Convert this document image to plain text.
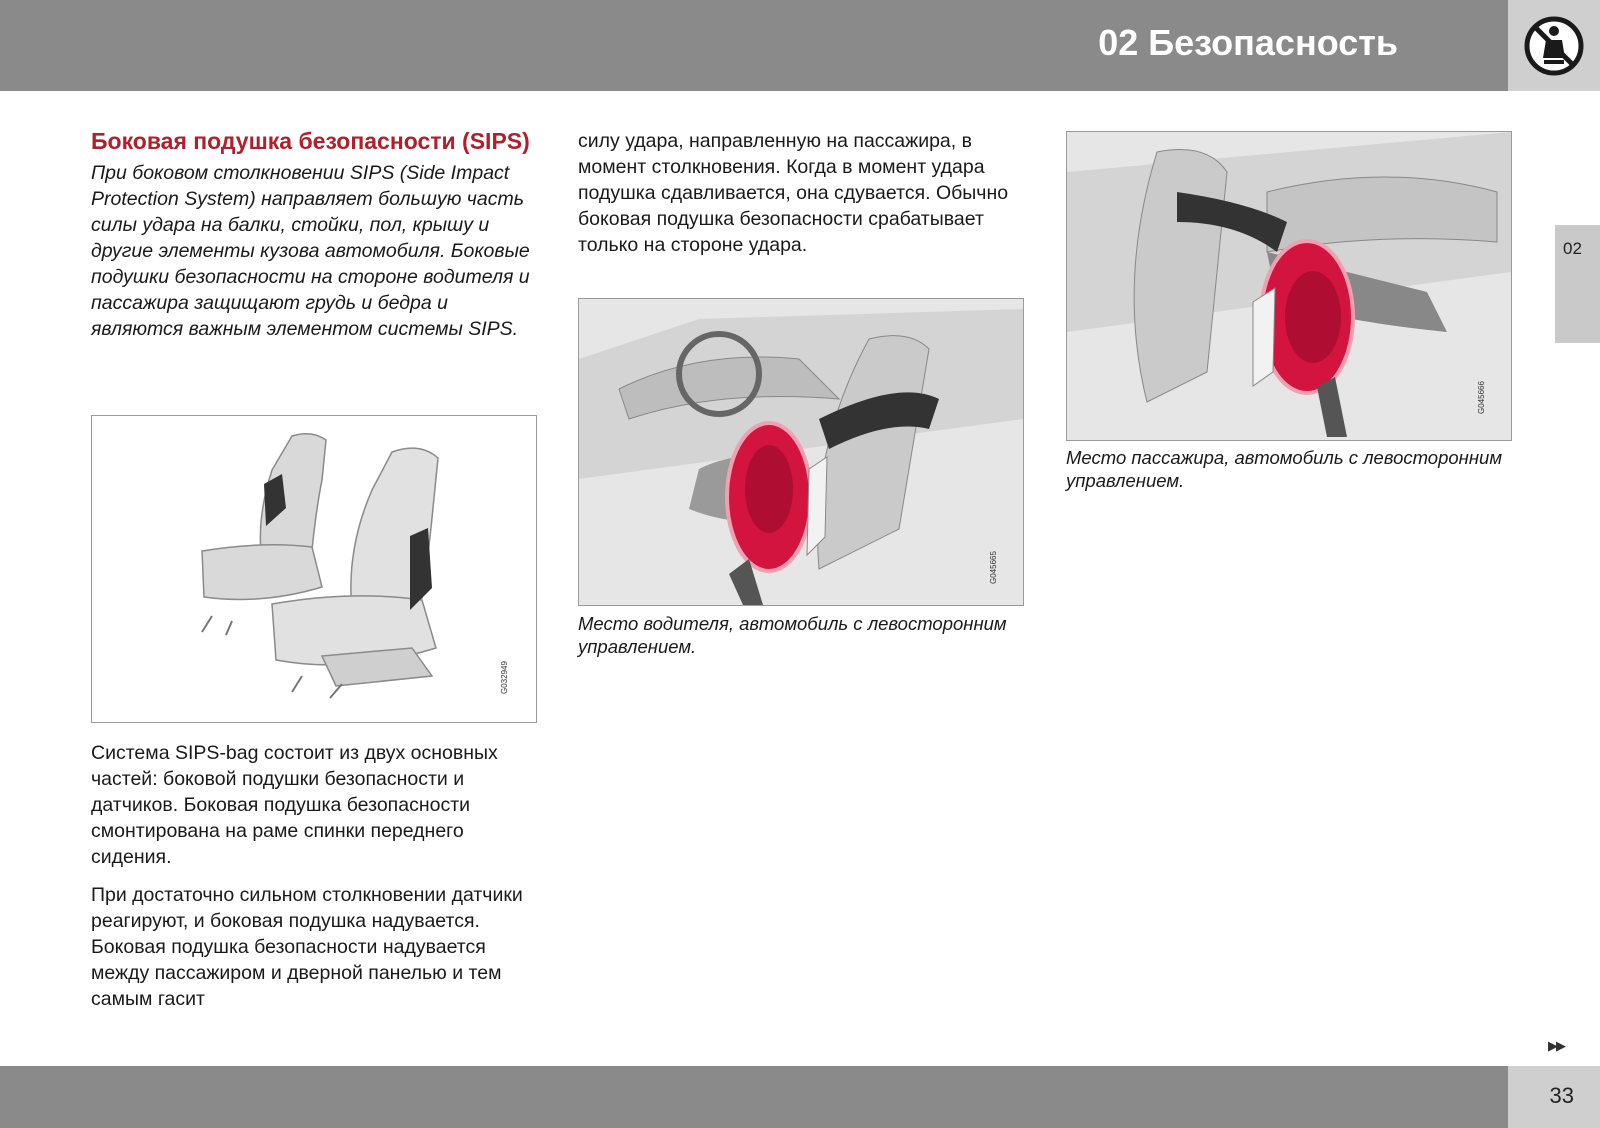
02 Безопасность
02
Боковая подушка безопасности (SIPS)

При боковом столкновении SIPS (Side Impact Protection System) направляет большую часть силы удара на балки, стойки, пол, крышу и другие элементы кузова автомобиля. Боковые подушки безопасности на стороне водителя и пассажира защищают грудь и бедра и являются важным элементом системы SIPS.

G032949

Система SIPS-bag состоит из двух основных частей: боковой подушки безопасности и датчиков. Боковая подушка безопасности смонтирована на раме спинки переднего сидения.

При достаточно сильном столкновении датчики реагируют, и боковая подушка надувается. Боковая подушка безопасности надувается между пассажиром и дверной панелью и тем самым гасит

силу удара, направленную на пассажира, в момент столкновения. Когда в момент удара подушка сдавливается, она сдувается. Обычно боковая подушка безопасности срабатывает только на стороне удара.

G045665

Место водителя, автомобиль с левосторонним управлением.

G045666

Место пассажира, автомобиль с левосторонним управлением.

▶▶
33
